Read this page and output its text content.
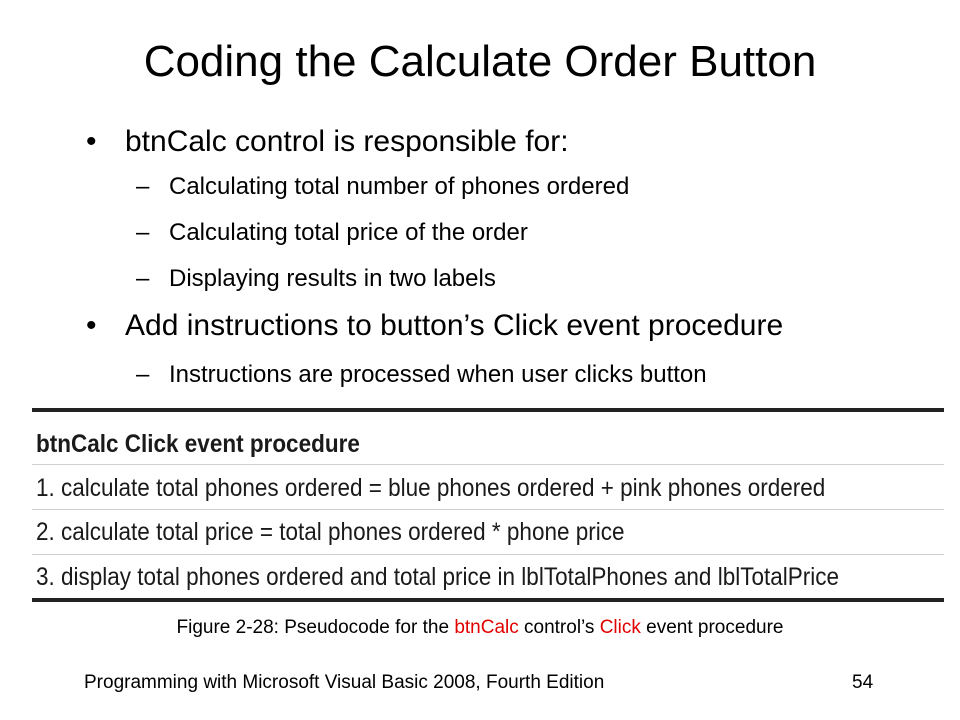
Coding the Calculate Order Button
• btnCalc control is responsible for:
– Calculating total number of phones ordered
– Calculating total price of the order
– Displaying results in two labels
• Add instructions to button’s Click event procedure
– Instructions are processed when user clicks button
btnCalc Click event procedure
1. calculate total phones ordered = blue phones ordered + pink phones ordered
2. calculate total price = total phones ordered * phone price
3. display total phones ordered and total price in lblTotalPhones and lblTotalPrice
Figure 2-28: Pseudocode for the btnCalc control’s Click event procedure
Programming with Microsoft Visual Basic 2008, Fourth Edition	54
